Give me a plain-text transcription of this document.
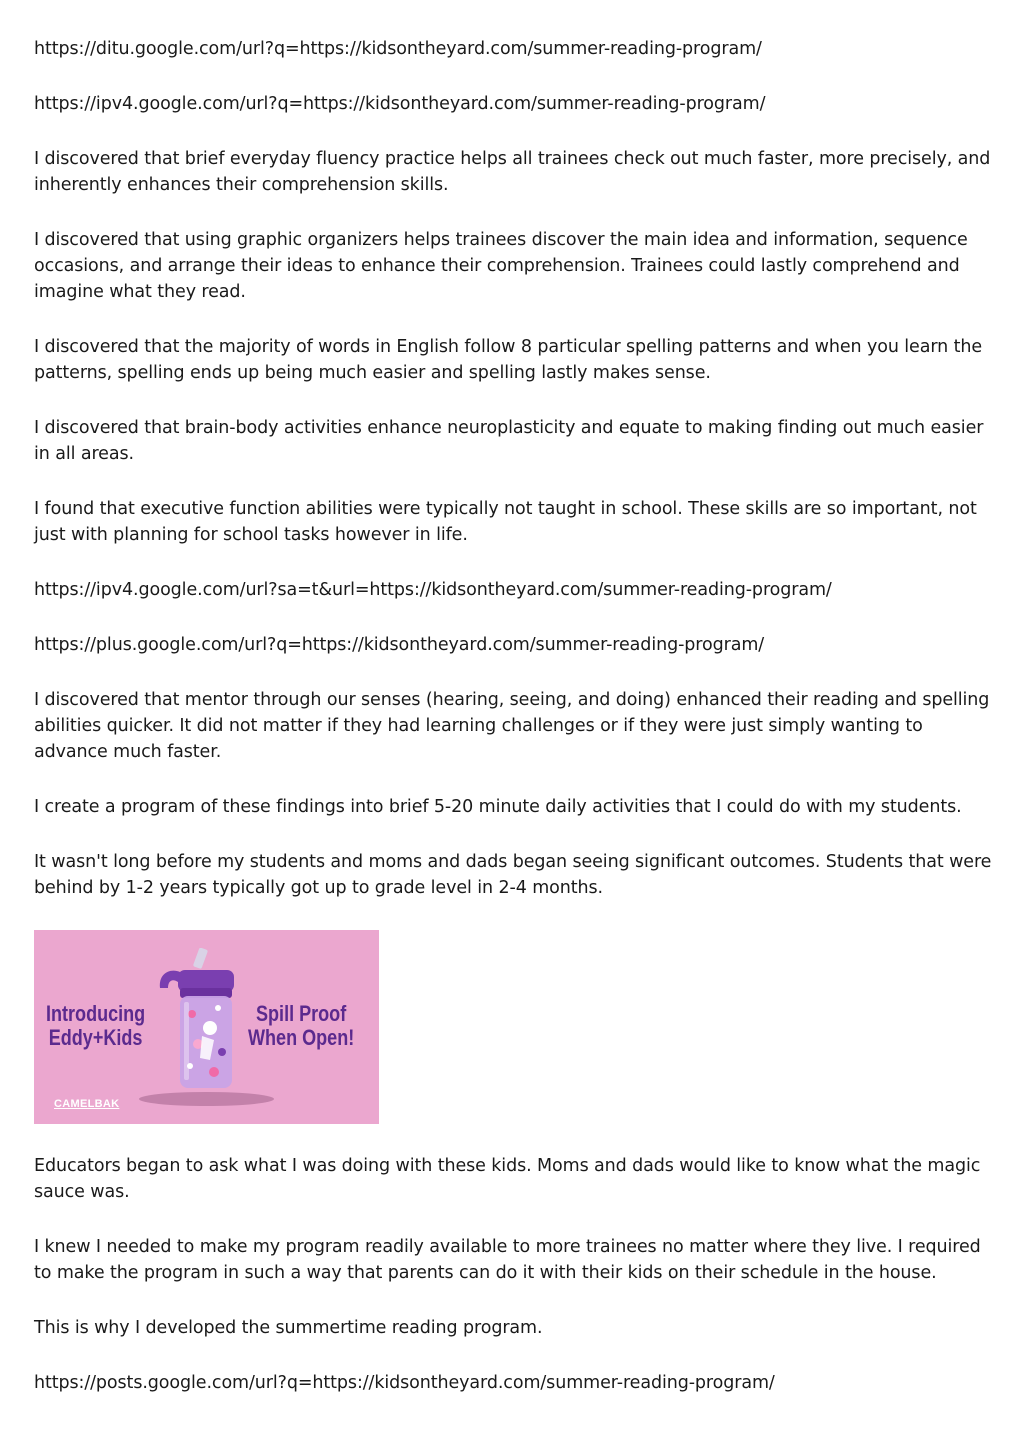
https://ditu.google.com/url?q=https://kidsontheyard.com/summer-reading-program/

https://ipv4.google.com/url?q=https://kidsontheyard.com/summer-reading-program/

I discovered that brief everyday fluency practice helps all trainees check out much faster, more precisely, and inherently enhances their comprehension skills.

I discovered that using graphic organizers helps trainees discover the main idea and information, sequence occasions, and arrange their ideas to enhance their comprehension. Trainees could lastly comprehend and imagine what they read.

I discovered that the majority of words in English follow 8 particular spelling patterns and when you learn the patterns, spelling ends up being much easier and spelling lastly makes sense.

I discovered that brain-body activities enhance neuroplasticity and equate to making finding out much easier in all areas.

I found that executive function abilities were typically not taught in school. These skills are so important, not just with planning for school tasks however in life.

https://ipv4.google.com/url?sa=t&url=https://kidsontheyard.com/summer-reading-program/

https://plus.google.com/url?q=https://kidsontheyard.com/summer-reading-program/

I discovered that mentor through our senses (hearing, seeing, and doing) enhanced their reading and spelling abilities quicker. It did not matter if they had learning challenges or if they were just simply wanting to advance much faster.

I create a program of these findings into brief 5-20 minute daily activities that I could do with my students.

It wasn't long before my students and moms and dads began seeing significant outcomes. Students that were behind by 1-2 years typically got up to grade level in 2-4 months.

Introducing
Eddy+Kids
Spill Proof
When Open!
CAMELBAK

Educators began to ask what I was doing with these kids. Moms and dads would like to know what the magic sauce was.

I knew I needed to make my program readily available to more trainees no matter where they live. I required to make the program in such a way that parents can do it with their kids on their schedule in the house.

This is why I developed the summertime reading program.

https://posts.google.com/url?q=https://kidsontheyard.com/summer-reading-program/
